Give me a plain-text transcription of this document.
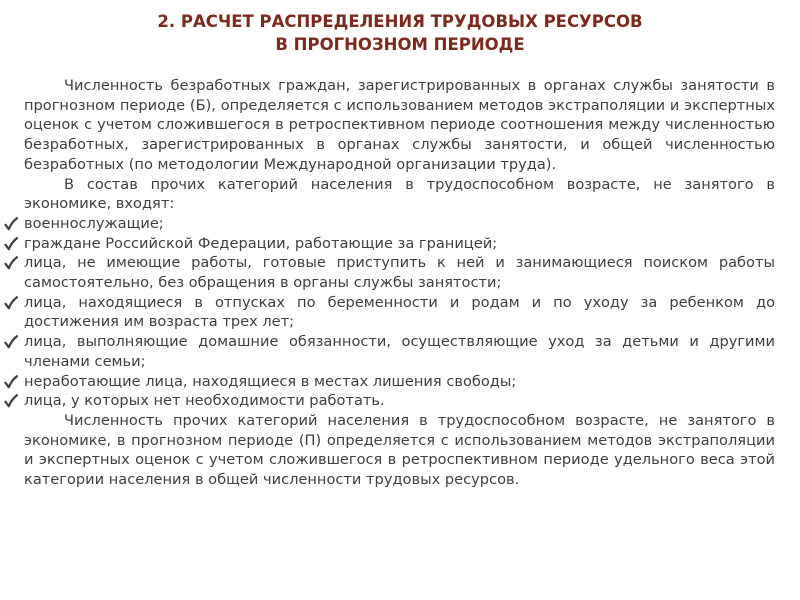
2. РАСЧЕТ РАСПРЕДЕЛЕНИЯ ТРУДОВЫХ РЕСУРСОВ
В ПРОГНОЗНОМ ПЕРИОДЕ

Численность безработных граждан, зарегистрированных в органах службы занятости в прогнозном периоде (Б), определяется с использованием методов экстраполяции и экспертных оценок с учетом сложившегося в ретроспективном периоде соотношения между численностью безработных, зарегистрированных в органах службы занятости, и общей численностью безработных (по методологии Международной организации труда).

В состав прочих категорий населения в трудоспособном возрасте, не занятого в экономике, входят:

военнослужащие;
граждане Российской Федерации, работающие за границей;
лица, не имеющие работы, готовые приступить к ней и занимающиеся поиском работы самостоятельно, без обращения в органы службы занятости;
лица, находящиеся в отпусках по беременности и родам и по уходу за ребенком до достижения им возраста трех лет;
лица, выполняющие домашние обязанности, осуществляющие уход за детьми и другими членами семьи;
неработающие лица, находящиеся в местах лишения свободы;
лица, у которых нет необходимости работать.

Численность прочих категорий населения в трудоспособном возрасте, не занятого в экономике, в прогнозном периоде (П) определяется с использованием методов экстраполяции и экспертных оценок с учетом сложившегося в ретроспективном периоде удельного веса этой категории населения в общей численности трудовых ресурсов.
